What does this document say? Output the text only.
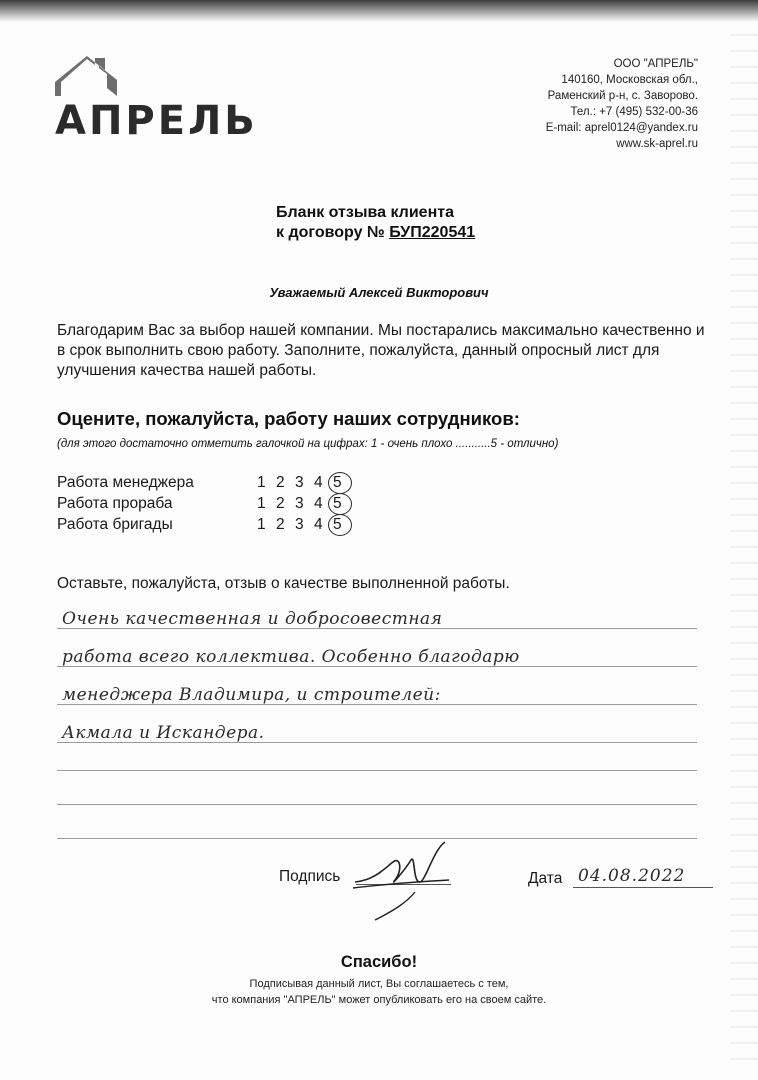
АПРЕЛЬ
ООО "АПРЕЛЬ"
140160, Московская обл.,
Раменский р-н, с. Заворово.
Тел.: +7 (495) 532-00-36
E-mail: aprel0124@yandex.ru
www.sk-aprel.ru
Бланк отзыва клиента
к договору № БУП220541
Уважаемый Алексей Викторович
Благодарим Вас за выбор нашей компании. Мы постарались максимально качественно и в срок выполнить свою работу. Заполните, пожалуйста, данный опросный лист для улучшения качества нашей работы.
Оцените, пожалуйста, работу наших сотрудников:
(для этого достаточно отметить галочкой на цифрах: 1 - очень плохо ...........5 - отлично)
Работа менеджера	1 2 3 4 5
Работа прораба	1 2 3 4 5
Работа бригады	1 2 3 4 5
Оставьте, пожалуйста, отзыв о качестве выполненной работы.
Очень качественная и добросовестная
работа всего коллектива. Особенно благодарю
менеджера Владимира, и строителей:
Акмала и Искандера.
Подпись	Дата 04.08.2022
Спасибо!
Подписывая данный лист, Вы соглашаетесь с тем,
что компания "АПРЕЛЬ" может опубликовать его на своем сайте.
